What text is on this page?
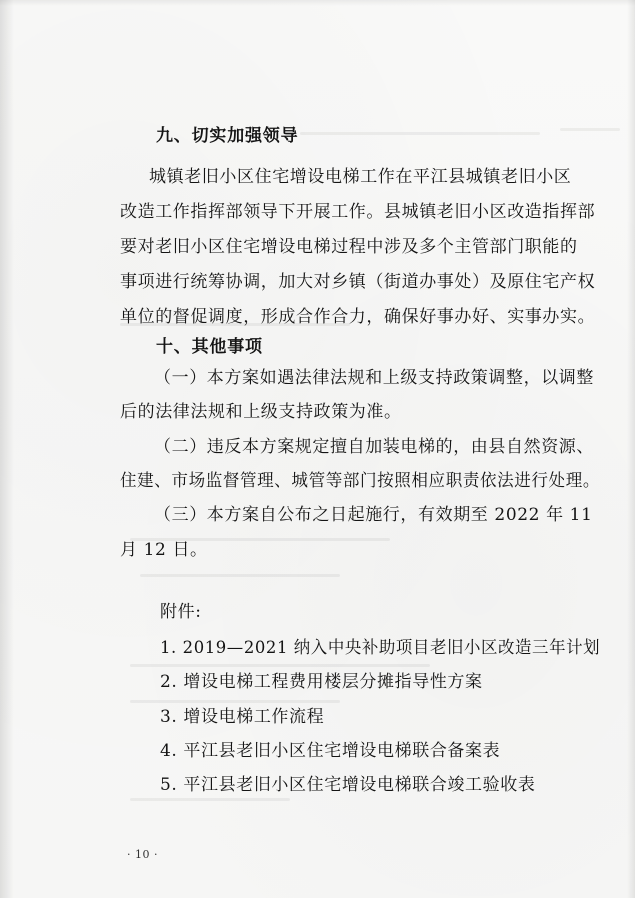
九、切实加强领导
城镇老旧小区住宅增设电梯工作在平江县城镇老旧小区
改造工作指挥部领导下开展工作。县城镇老旧小区改造指挥部
要对老旧小区住宅增设电梯过程中涉及多个主管部门职能的
事项进行统筹协调，加大对乡镇（街道办事处）及原住宅产权
单位的督促调度，形成合作合力，确保好事办好、实事办实。
十、其他事项
（一）本方案如遇法律法规和上级支持政策调整，以调整
后的法律法规和上级支持政策为准。
（二）违反本方案规定擅自加装电梯的，由县自然资源、
住建、市场监督管理、城管等部门按照相应职责依法进行处理。
（三）本方案自公布之日起施行，有效期至 2022 年 11
月 12 日。
附件:
1. 2019—2021 纳入中央补助项目老旧小区改造三年计划
2. 增设电梯工程费用楼层分摊指导性方案
3. 增设电梯工作流程
4. 平江县老旧小区住宅增设电梯联合备案表
5. 平江县老旧小区住宅增设电梯联合竣工验收表
· 10 ·
